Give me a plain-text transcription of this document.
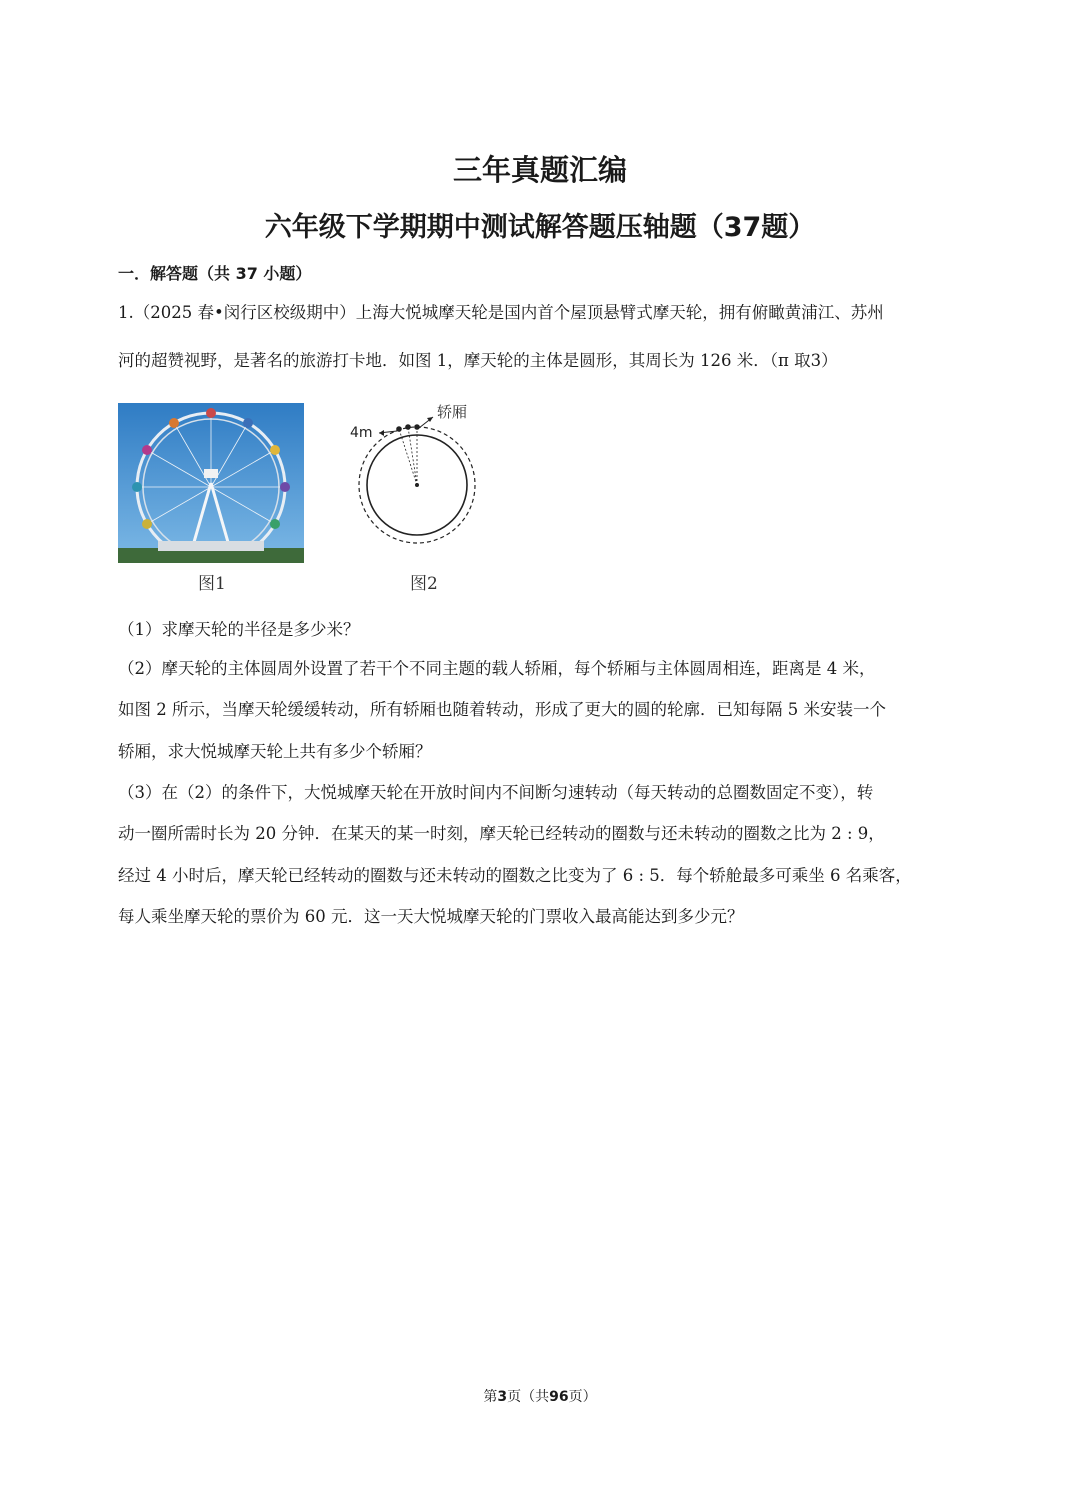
三年真题汇编
六年级下学期期中测试解答题压轴题（37题）
一．解答题（共 37 小题）
1.（2025 春•闵行区校级期中）上海大悦城摩天轮是国内首个屋顶悬臂式摩天轮，拥有俯瞰黄浦江、苏州
河的超赞视野，是著名的旅游打卡地．如图 1，摩天轮的主体是圆形，其周长为 126 米．（π 取3）
图1
轿厢
4m
图2
（1）求摩天轮的半径是多少米？
（2）摩天轮的主体圆周外设置了若干个不同主题的载人轿厢，每个轿厢与主体圆周相连，距离是 4 米，
如图 2 所示，当摩天轮缓缓转动，所有轿厢也随着转动，形成了更大的圆的轮廓．已知每隔 5 米安装一个
轿厢，求大悦城摩天轮上共有多少个轿厢？
（3）在（2）的条件下，大悦城摩天轮在开放时间内不间断匀速转动（每天转动的总圈数固定不变），转
动一圈所需时长为 20 分钟．在某天的某一时刻，摩天轮已经转动的圈数与还未转动的圈数之比为 2 : 9，
经过 4 小时后，摩天轮已经转动的圈数与还未转动的圈数之比变为了 6 : 5．每个轿舱最多可乘坐 6 名乘客，
每人乘坐摩天轮的票价为 60 元．这一天大悦城摩天轮的门票收入最高能达到多少元？
第3页（共96页）
